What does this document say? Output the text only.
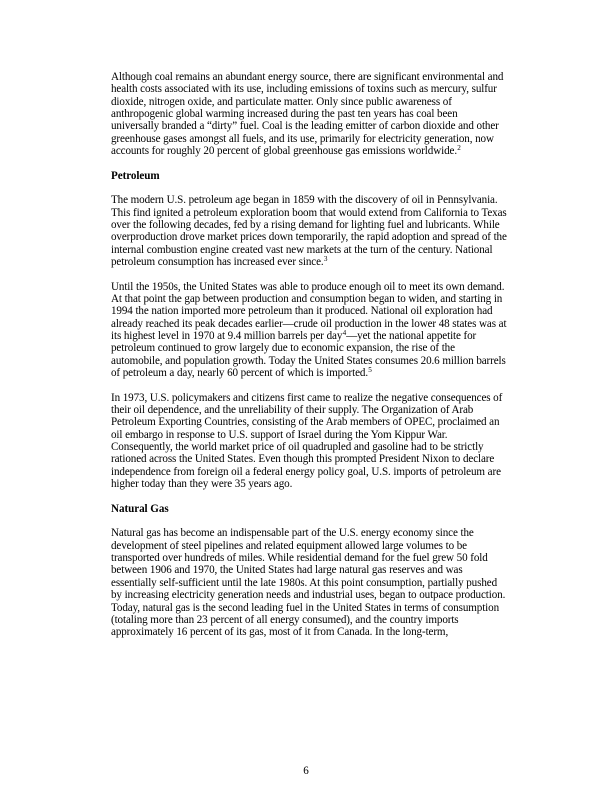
Although coal remains an abundant energy source, there are significant environmental and health costs associated with its use, including emissions of toxins such as mercury, sulfur dioxide, nitrogen oxide, and particulate matter. Only since public awareness of anthropogenic global warming increased during the past ten years has coal been universally branded a “dirty” fuel. Coal is the leading emitter of carbon dioxide and other greenhouse gases amongst all fuels, and its use, primarily for electricity generation, now accounts for roughly 20 percent of global greenhouse gas emissions worldwide.$^2$

Petroleum

The modern U.S. petroleum age began in 1859 with the discovery of oil in Pennsylvania. This find ignited a petroleum exploration boom that would extend from California to Texas over the following decades, fed by a rising demand for lighting fuel and lubricants. While overproduction drove market prices down temporarily, the rapid adoption and spread of the internal combustion engine created vast new markets at the turn of the century. National petroleum consumption has increased ever since.$^3$

Until the 1950s, the United States was able to produce enough oil to meet its own demand. At that point the gap between production and consumption began to widen, and starting in 1994 the nation imported more petroleum than it produced. National oil exploration had already reached its peak decades earlier—crude oil production in the lower 48 states was at its highest level in 1970 at 9.4 million barrels per day$^4$—yet the national appetite for petroleum continued to grow largely due to economic expansion, the rise of the automobile, and population growth. Today the United States consumes 20.6 million barrels of petroleum a day, nearly 60 percent of which is imported.$^5$

In 1973, U.S. policymakers and citizens first came to realize the negative consequences of their oil dependence, and the unreliability of their supply. The Organization of Arab Petroleum Exporting Countries, consisting of the Arab members of OPEC, proclaimed an oil embargo in response to U.S. support of Israel during the Yom Kippur War. Consequently, the world market price of oil quadrupled and gasoline had to be strictly rationed across the United States. Even though this prompted President Nixon to declare independence from foreign oil a federal energy policy goal, U.S. imports of petroleum are higher today than they were 35 years ago.

Natural Gas

Natural gas has become an indispensable part of the U.S. energy economy since the development of steel pipelines and related equipment allowed large volumes to be transported over hundreds of miles. While residential demand for the fuel grew 50 fold between 1906 and 1970, the United States had large natural gas reserves and was essentially self-sufficient until the late 1980s. At this point consumption, partially pushed by increasing electricity generation needs and industrial uses, began to outpace production. Today, natural gas is the second leading fuel in the United States in terms of consumption (totaling more than 23 percent of all energy consumed), and the country imports approximately 16 percent of its gas, most of it from Canada. In the long-term,

6
